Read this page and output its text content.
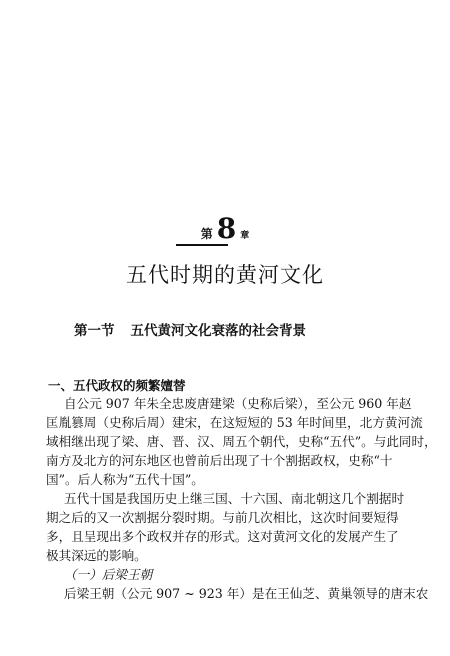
第 8 章
五代时期的黄河文化
第一节 五代黄河文化衰落的社会背景
一、五代政权的频繁嬗替
自公元 907 年朱全忠废唐建梁（史称后梁），至公元 960 年赵
匡胤篡周（史称后周）建宋，在这短短的 53 年时间里，北方黄河流
域相继出现了梁、唐、晋、汉、周五个朝代，史称“五代”。与此同时，
南方及北方的河东地区也曾前后出现了十个割据政权，史称“十
国”。后人称为“五代十国”。
五代十国是我国历史上继三国、十六国、南北朝这几个割据时
期之后的又一次割据分裂时期。与前几次相比，这次时间要短得
多，且呈现出多个政权并存的形式。这对黄河文化的发展产生了
极其深远的影响。
（一）后梁王朝
后梁王朝（公元 907 ~ 923 年）是在王仙芝、黄巢领导的唐末农
